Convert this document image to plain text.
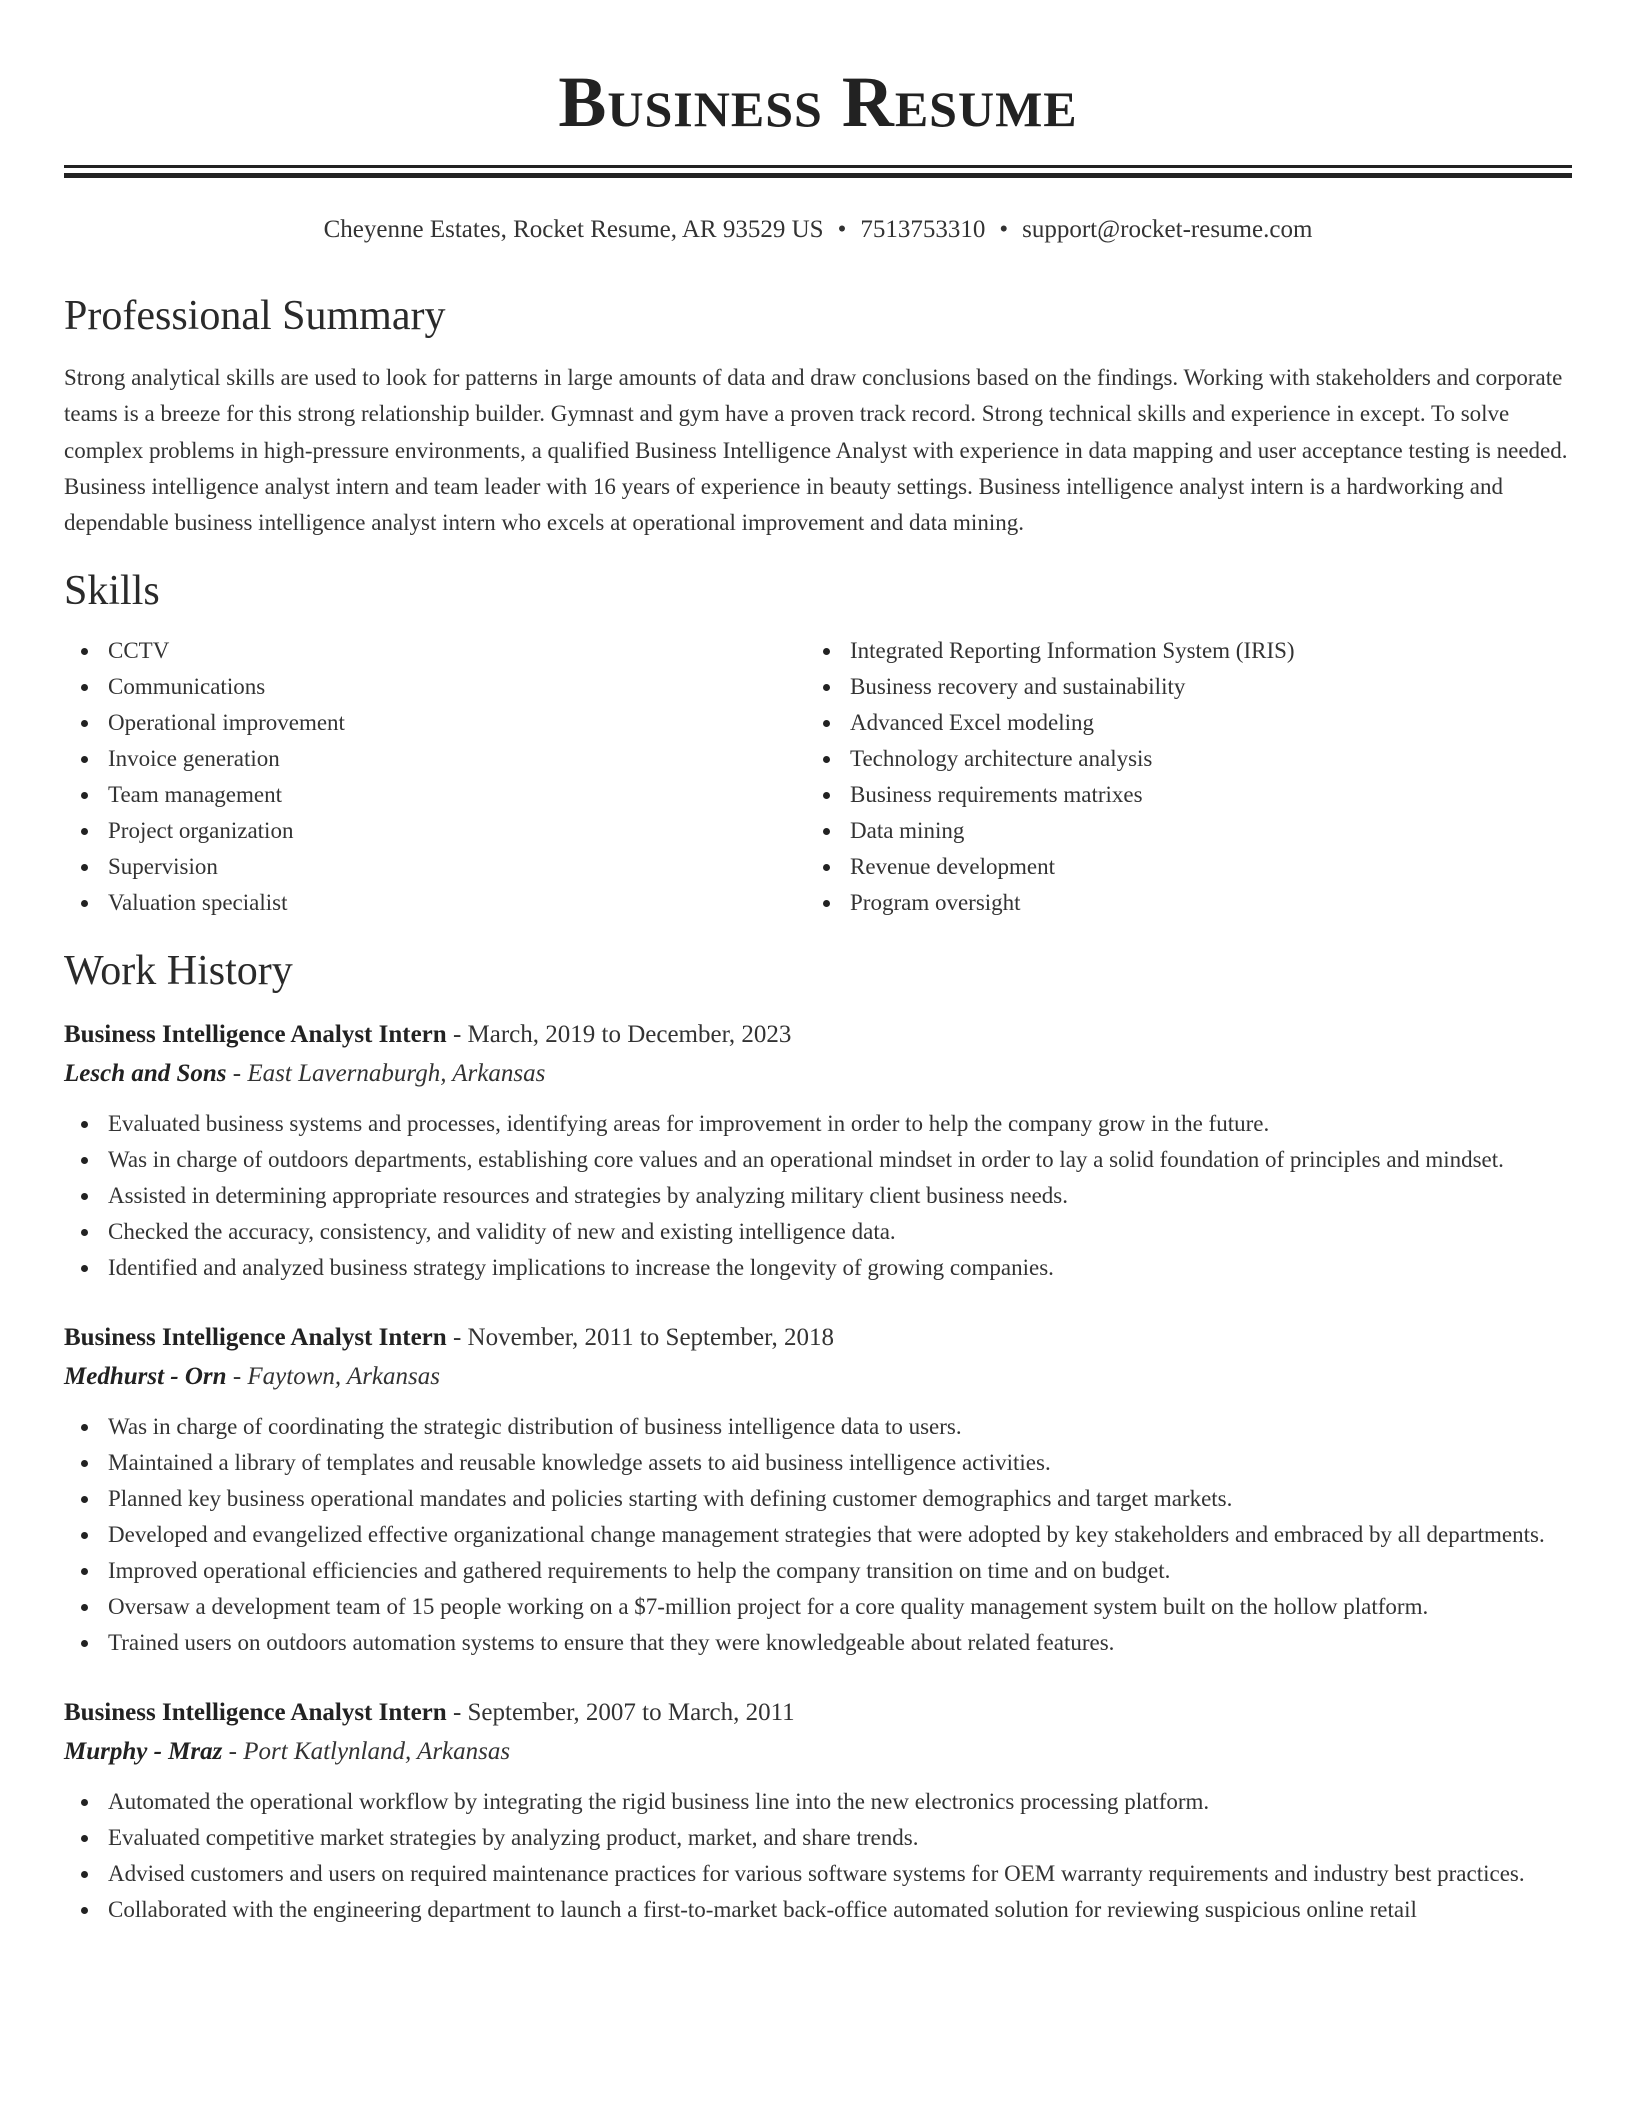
Business Resume
Cheyenne Estates, Rocket Resume, AR 93529 US • 7513753310 • support@rocket-resume.com
Professional Summary
Strong analytical skills are used to look for patterns in large amounts of data and draw conclusions based on the findings. Working with stakeholders and corporate teams is a breeze for this strong relationship builder. Gymnast and gym have a proven track record. Strong technical skills and experience in except. To solve complex problems in high-pressure environments, a qualified Business Intelligence Analyst with experience in data mapping and user acceptance testing is needed. Business intelligence analyst intern and team leader with 16 years of experience in beauty settings. Business intelligence analyst intern is a hardworking and dependable business intelligence analyst intern who excels at operational improvement and data mining.
Skills
CCTV
Communications
Operational improvement
Invoice generation
Team management
Project organization
Supervision
Valuation specialist
Integrated Reporting Information System (IRIS)
Business recovery and sustainability
Advanced Excel modeling
Technology architecture analysis
Business requirements matrixes
Data mining
Revenue development
Program oversight
Work History
Business Intelligence Analyst Intern - March, 2019 to December, 2023
Lesch and Sons - East Lavernaburgh, Arkansas
Evaluated business systems and processes, identifying areas for improvement in order to help the company grow in the future.
Was in charge of outdoors departments, establishing core values and an operational mindset in order to lay a solid foundation of principles and mindset.
Assisted in determining appropriate resources and strategies by analyzing military client business needs.
Checked the accuracy, consistency, and validity of new and existing intelligence data.
Identified and analyzed business strategy implications to increase the longevity of growing companies.
Business Intelligence Analyst Intern - November, 2011 to September, 2018
Medhurst - Orn - Faytown, Arkansas
Was in charge of coordinating the strategic distribution of business intelligence data to users.
Maintained a library of templates and reusable knowledge assets to aid business intelligence activities.
Planned key business operational mandates and policies starting with defining customer demographics and target markets.
Developed and evangelized effective organizational change management strategies that were adopted by key stakeholders and embraced by all departments.
Improved operational efficiencies and gathered requirements to help the company transition on time and on budget.
Oversaw a development team of 15 people working on a $7-million project for a core quality management system built on the hollow platform.
Trained users on outdoors automation systems to ensure that they were knowledgeable about related features.
Business Intelligence Analyst Intern - September, 2007 to March, 2011
Murphy - Mraz - Port Katlynland, Arkansas
Automated the operational workflow by integrating the rigid business line into the new electronics processing platform.
Evaluated competitive market strategies by analyzing product, market, and share trends.
Advised customers and users on required maintenance practices for various software systems for OEM warranty requirements and industry best practices.
Collaborated with the engineering department to launch a first-to-market back-office automated solution for reviewing suspicious online retail
